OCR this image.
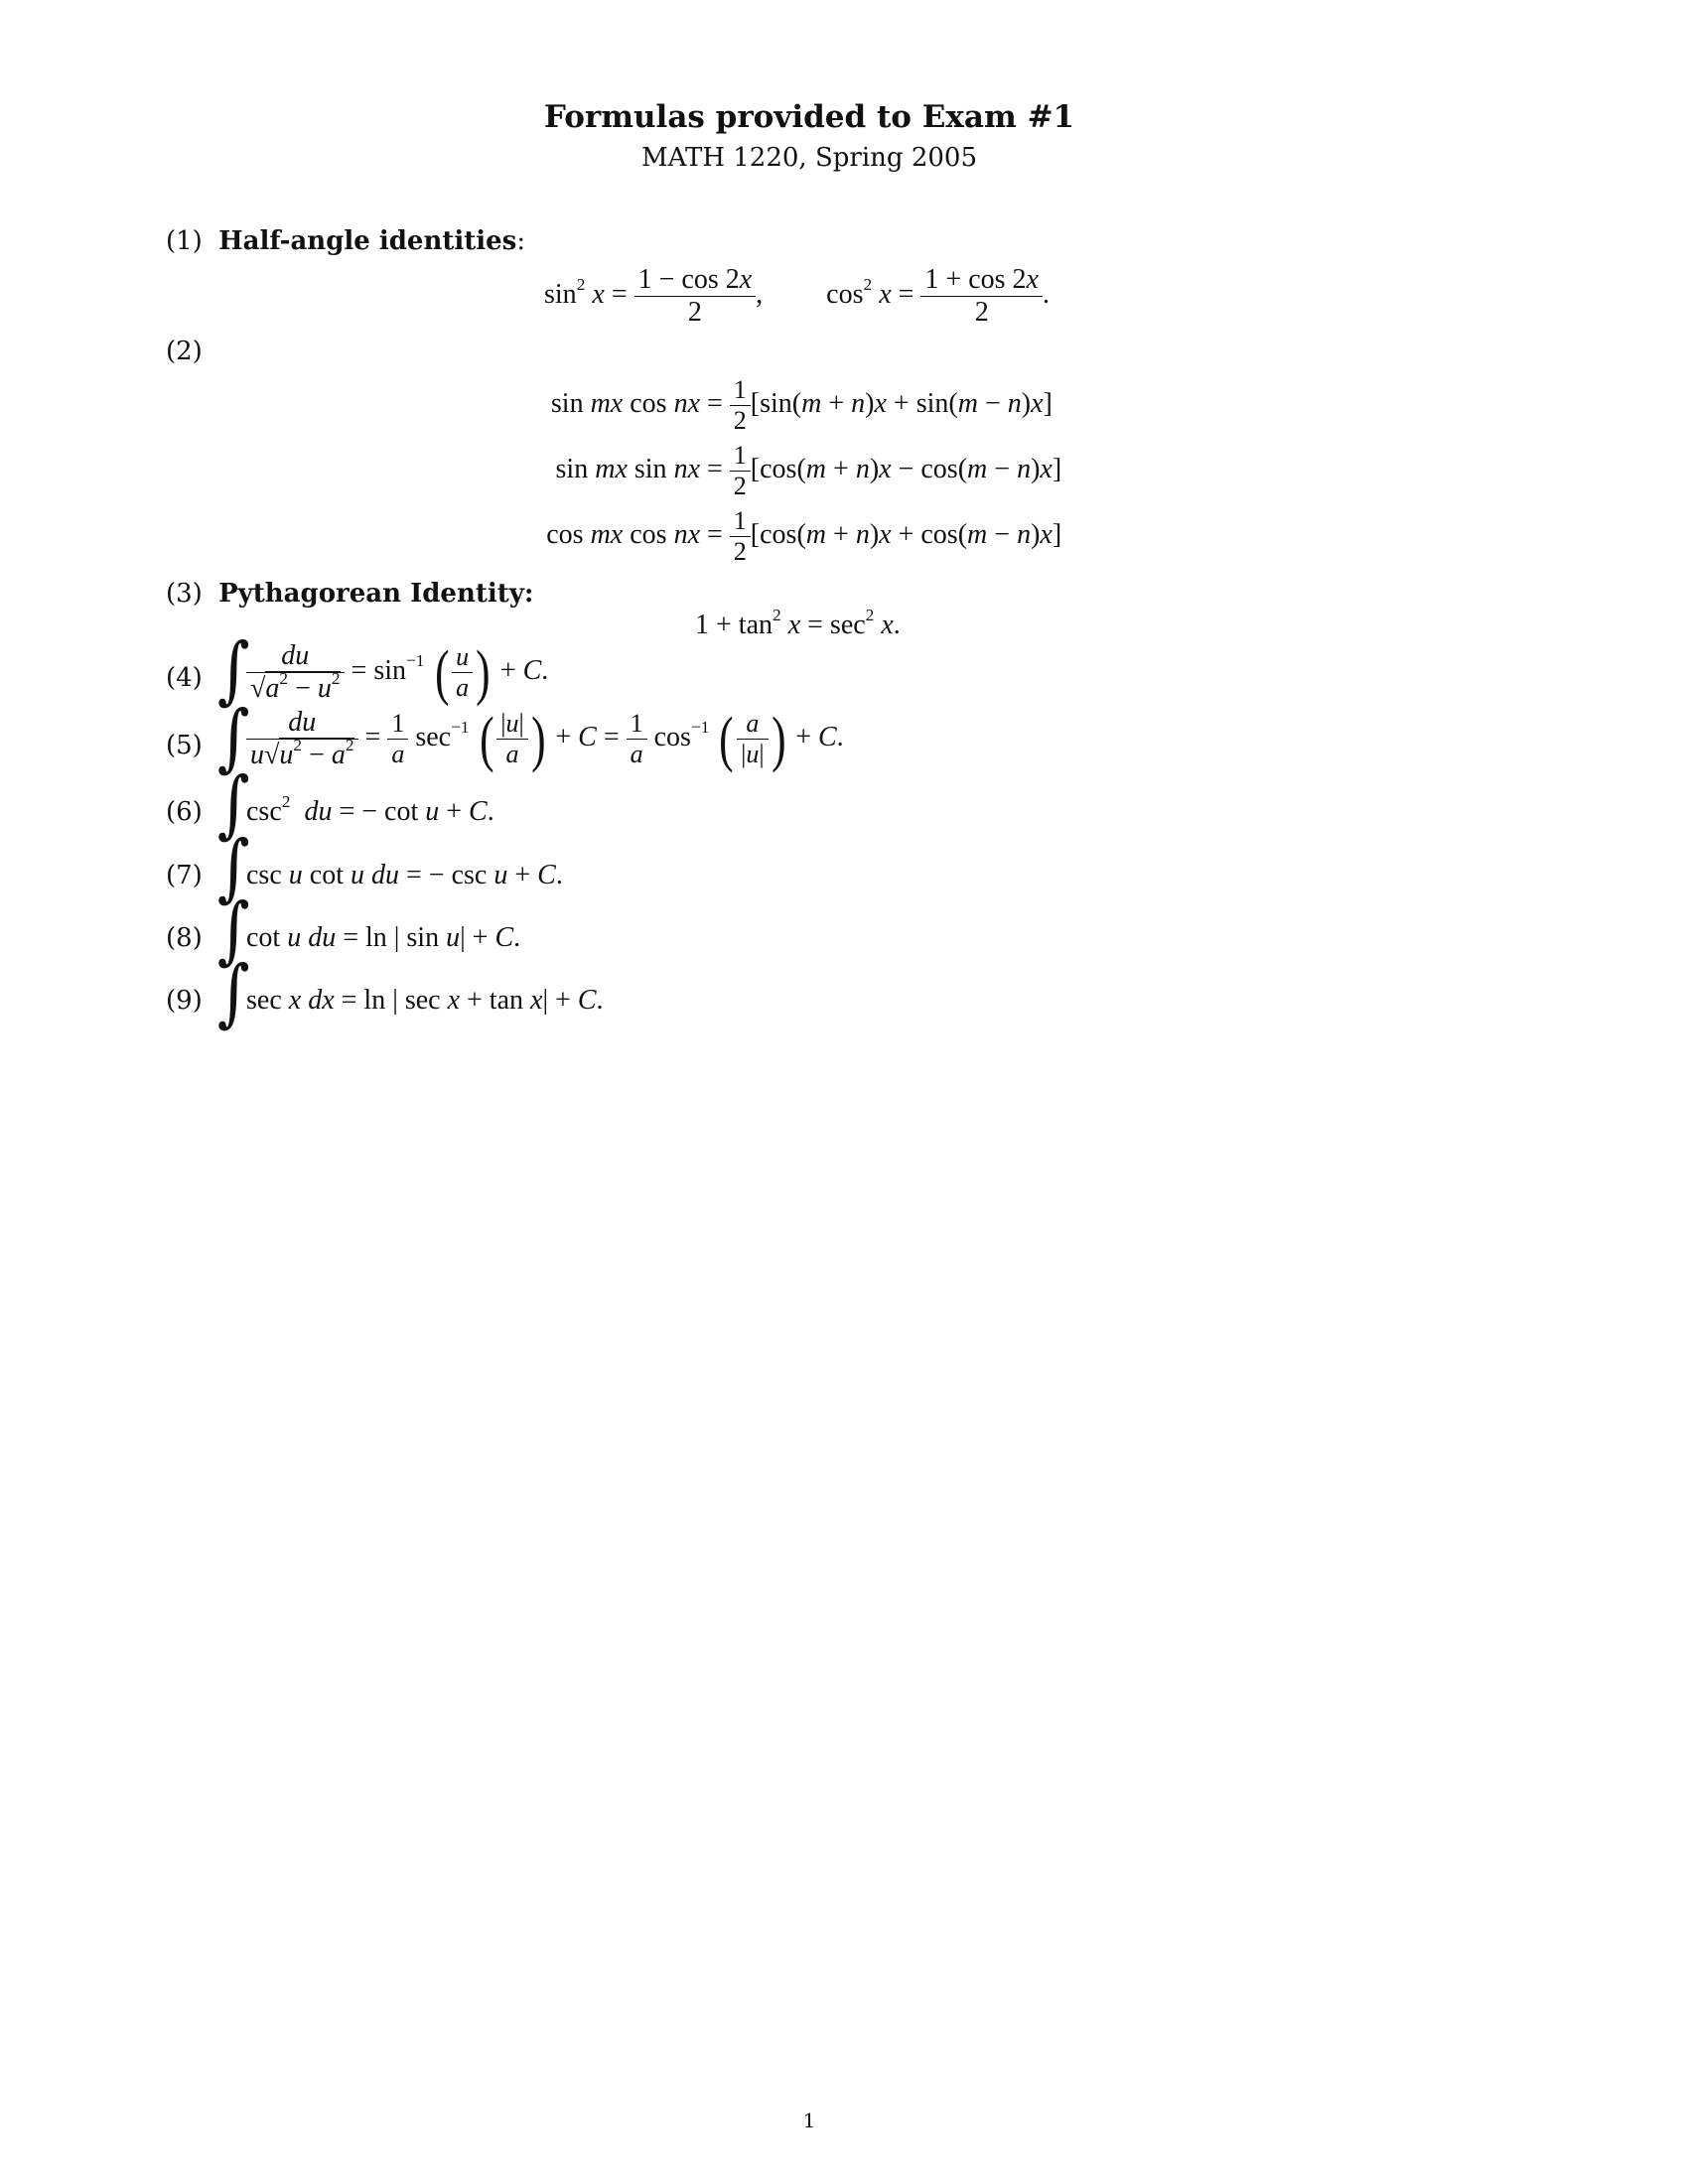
Formulas provided to Exam #1
MATH 1220, Spring 2005
(1) Half-angle identities:
$\sin^2 x = \frac{1 - \cos 2x}{2}$ ,  $\cos^2 x = \frac{1 + \cos 2x}{2}$ .
(2)
sin mx cos nx = $\frac{1}{2} [\sin(m + n)x + \sin(m - n)x]$
sin mx sin nx = $\frac{1}{2} [\cos(m + n)x - \cos(m - n)x]$
cos mx cos nx = $\frac{1}{2} [\cos(m + n)x + \cos(m - n)x]$
(3) Pythagorean Identity:
$1 + \tan^2 x = \sec^2 x$.
(4) ∫
$\frac{du}{√a^2 - u^2} = \sin^{-1}$ ( $\frac{u}{a}$ ) + C.
(5) ∫
$\frac{du}{u√u^2 - a^2} = \frac{1}{a} \sec^{-1}$ ( $\frac{|u|}{a}$ ) + $C = \frac{1}{a} \cos^{-1}$ ( $\frac{a}{|u|}$ ) + C.
(6) ∫
$\csc^2$ du = − cot u + C.
(7) ∫
csc u cot u du = − csc u + C.
(8) ∫
cot u du = ln | sin u| + C.
(9) ∫
sec x dx = ln | sec x + tan x| + C.
1
